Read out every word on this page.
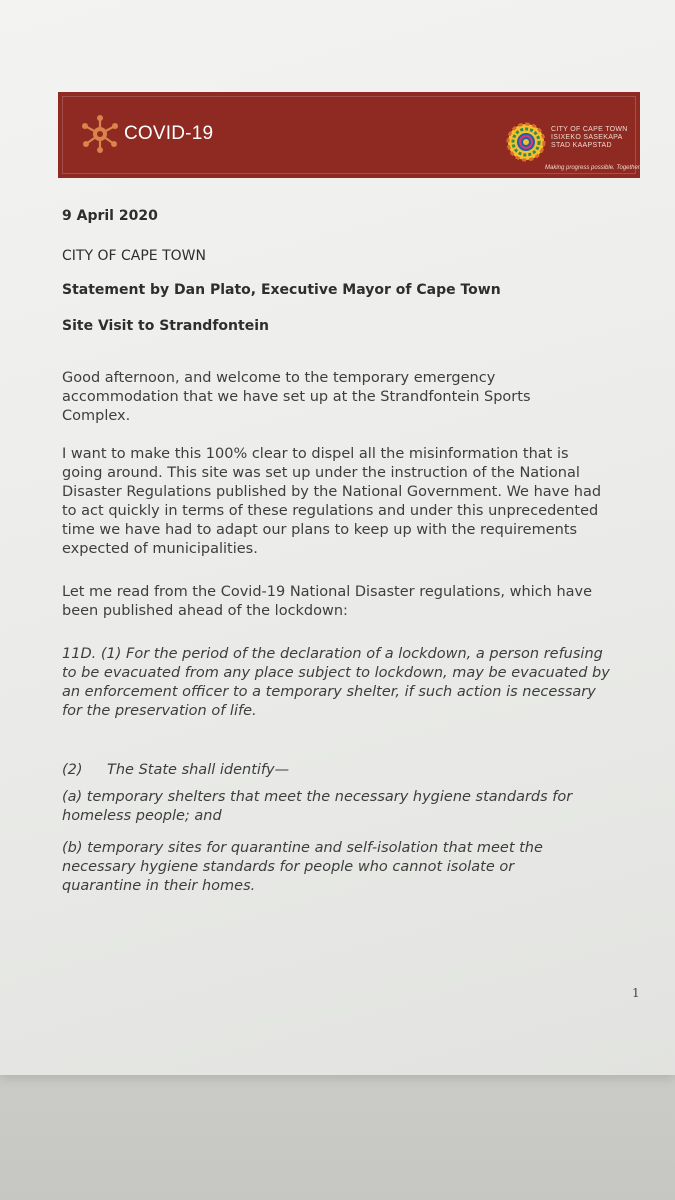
COVID-19	CITY OF CAPE TOWN
ISIXEKO SASEKAPA
STAD KAAPSTAD
Making progress possible. Together.
9 April 2020
CITY OF CAPE TOWN
Statement by Dan Plato, Executive Mayor of Cape Town
Site Visit to Strandfontein
Good afternoon, and welcome to the temporary emergency accommodation that we have set up at the Strandfontein Sports Complex.
I want to make this 100% clear to dispel all the misinformation that is going around. This site was set up under the instruction of the National Disaster Regulations published by the National Government. We have had to act quickly in terms of these regulations and under this unprecedented time we have had to adapt our plans to keep up with the requirements expected of municipalities.
Let me read from the Covid-19 National Disaster regulations, which have been published ahead of the lockdown:
11D. (1) For the period of the declaration of a lockdown, a person refusing to be evacuated from any place subject to lockdown, may be evacuated by an enforcement officer to a temporary shelter, if such action is necessary for the preservation of life.
(2) The State shall identify—
(a) temporary shelters that meet the necessary hygiene standards for homeless people; and
(b) temporary sites for quarantine and self-isolation that meet the necessary hygiene standards for people who cannot isolate or quarantine in their homes.
1
